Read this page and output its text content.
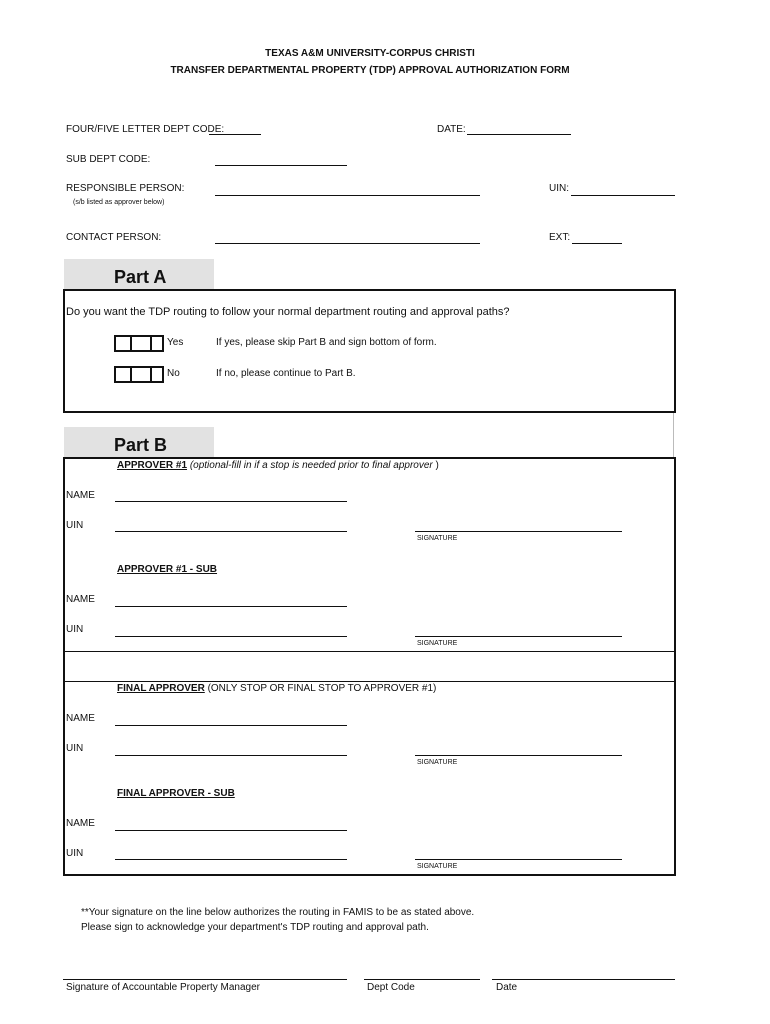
TEXAS A&M UNIVERSITY-CORPUS CHRISTI
TRANSFER DEPARTMENTAL PROPERTY (TDP) APPROVAL AUTHORIZATION FORM
FOUR/FIVE LETTER DEPT CODE:	DATE:
SUB DEPT CODE:
RESPONSIBLE PERSON:
(s/b listed as approver below)
UIN:
CONTACT PERSON:	EXT:
Part A
Do you want the TDP routing to follow your normal department routing and approval paths?
Yes	If yes, please skip Part B and sign bottom of form.
No	If no, please continue to Part B.
Part B
APPROVER #1 (optional-fill in if a stop is needed prior to final approver )
NAME
UIN
SIGNATURE
APPROVER #1 - SUB
NAME
UIN
SIGNATURE
FINAL APPROVER (ONLY STOP OR FINAL STOP TO APPROVER #1)
NAME
UIN
SIGNATURE
FINAL APPROVER - SUB
NAME
UIN
SIGNATURE
**Your signature on the line below authorizes the routing in FAMIS to be as stated above.
Please sign to acknowledge your department's TDP routing and approval path.
Signature of Accountable Property Manager	Dept Code	Date
